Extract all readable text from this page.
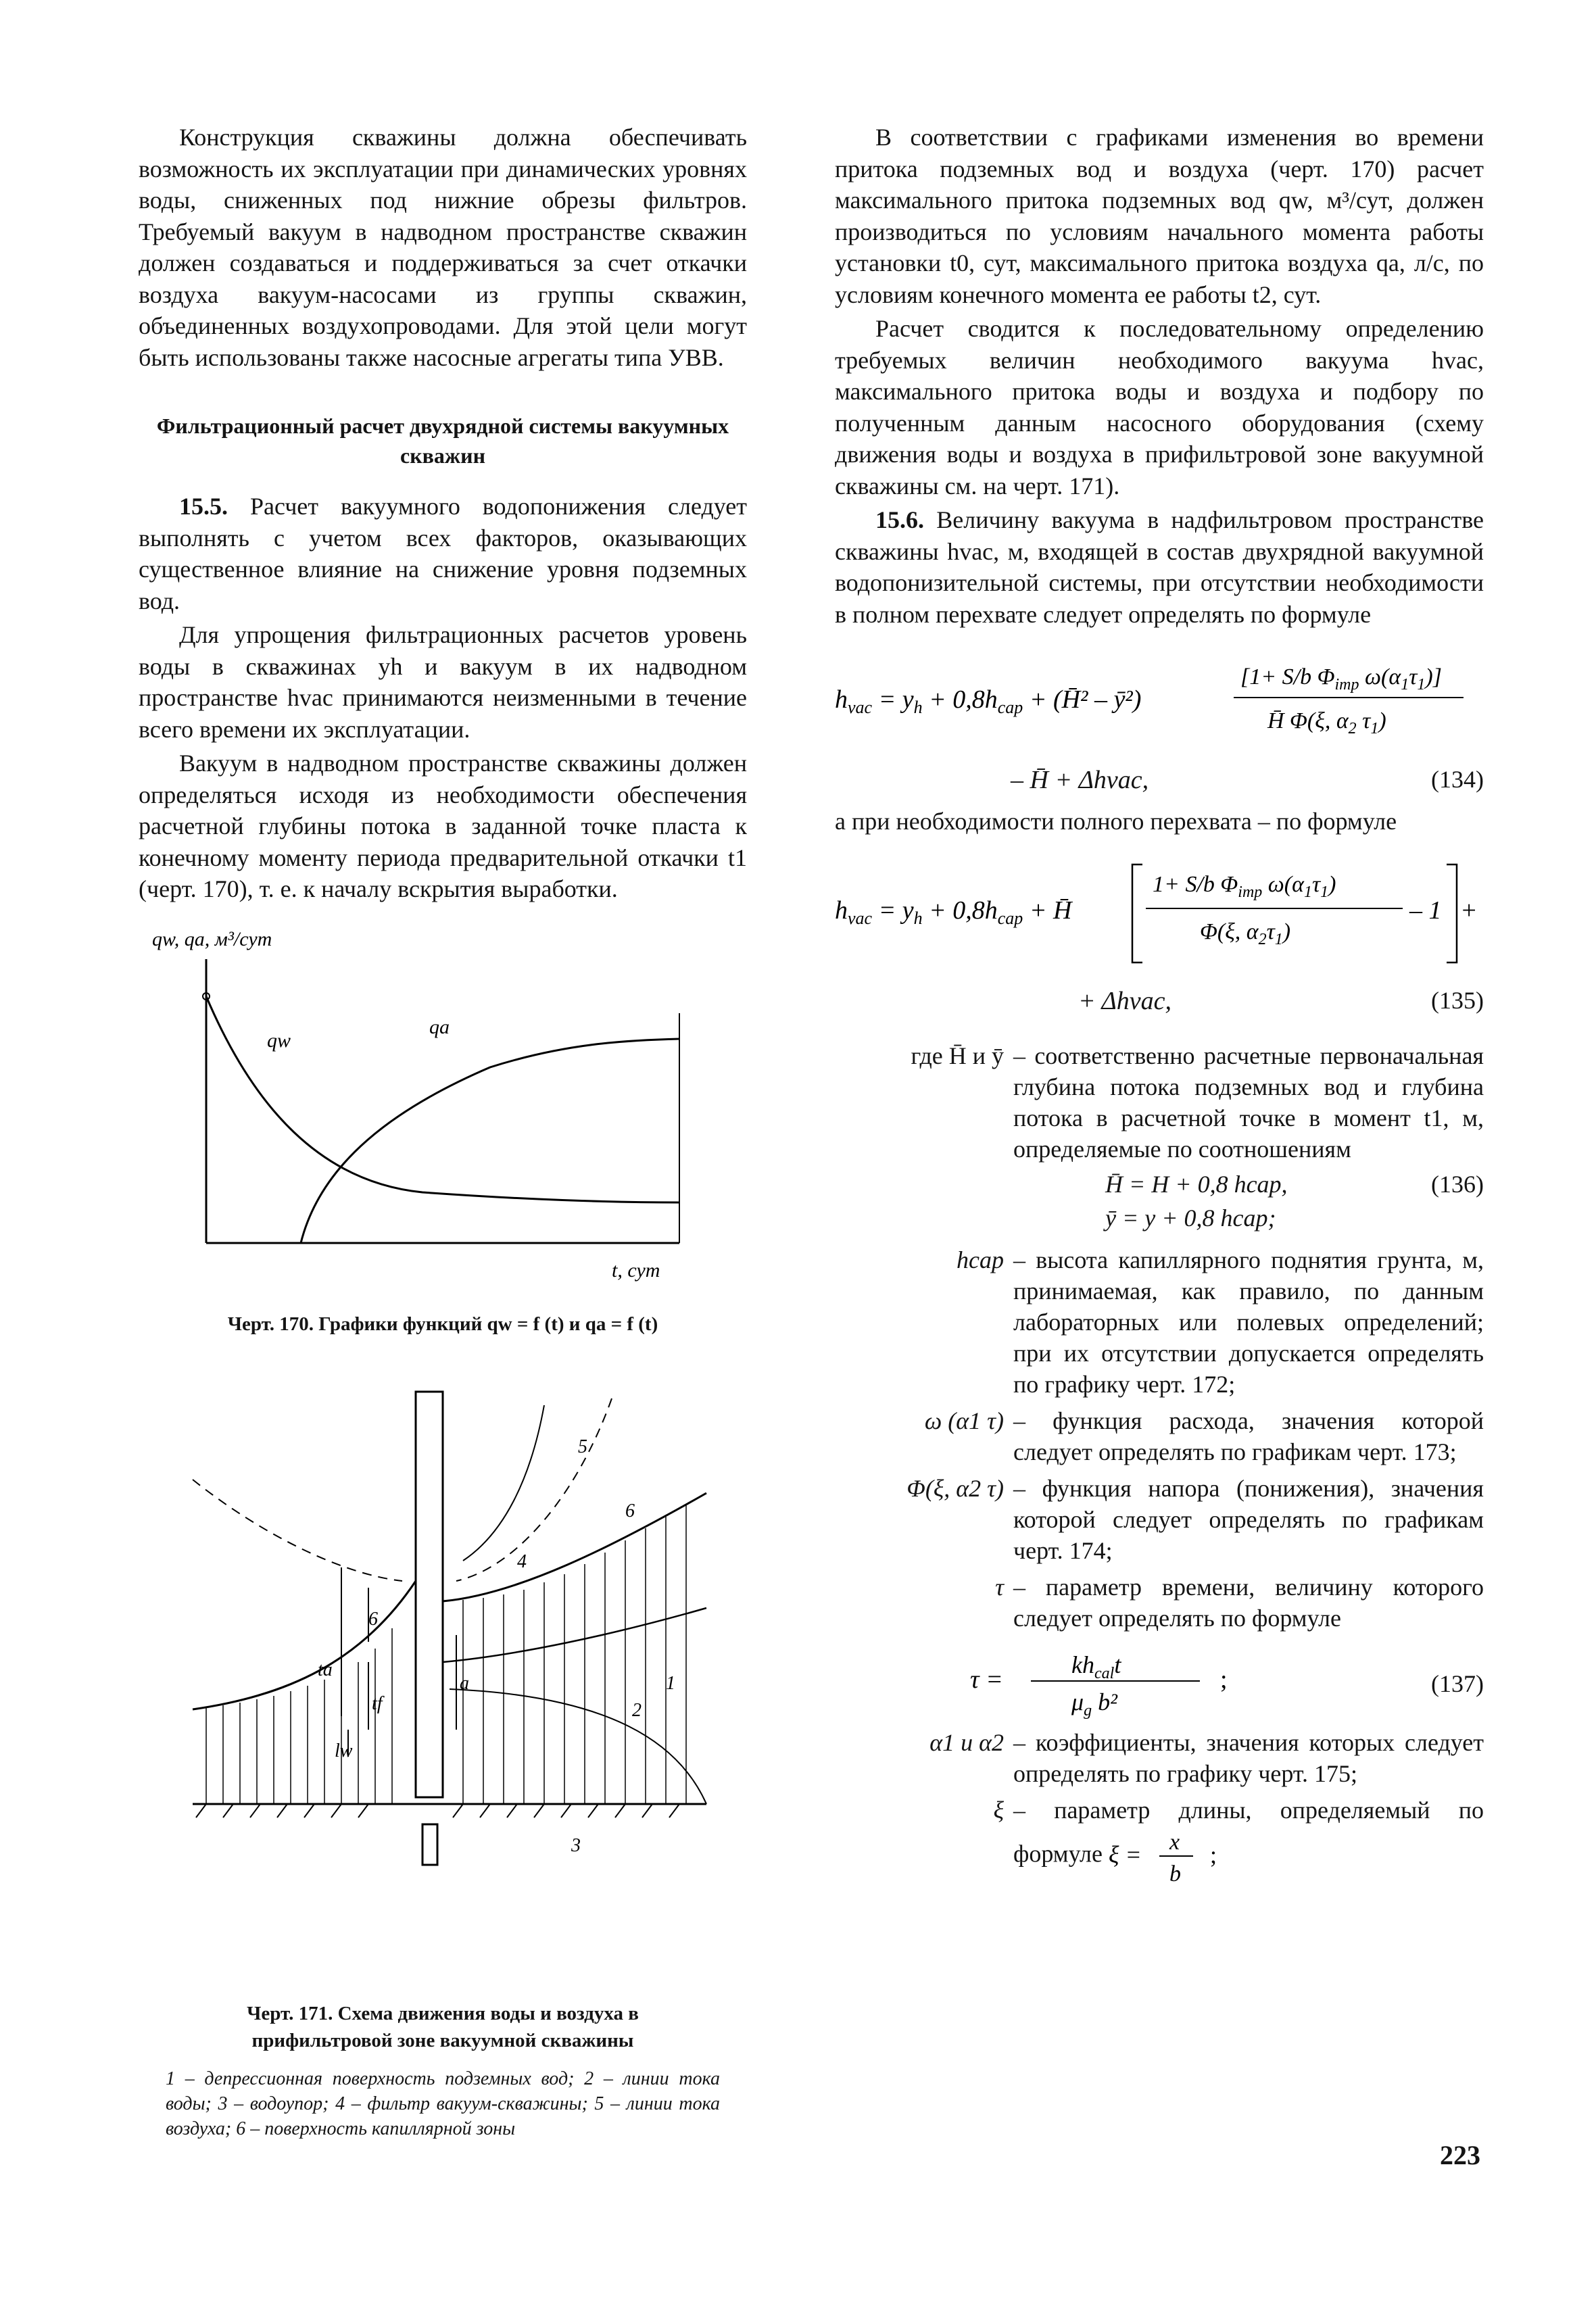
Конструкция скважины должна обеспечивать возможность их эксплуатации при динамических уровнях воды, сниженных под нижние обрезы фильтров. Требуемый вакуум в надводном пространстве скважин должен создаваться и поддерживаться за счет откачки воздуха вакуум-насосами из группы скважин, объединенных воздухопроводами. Для этой цели могут быть использованы также насосные агрегаты типа УВВ.

Фильтрационный расчет двухрядной системы вакуумных скважин

15.5. Расчет вакуумного водопонижения следует выполнять с учетом всех факторов, оказывающих существенное влияние на снижение уровня подземных вод.

Для упрощения фильтрационных расчетов уровень воды в скважинах yh и вакуум в их надводном пространстве hvac принимаются неизменными в течение всего времени их эксплуатации.

Вакуум в надводном пространстве скважины должен определяться исходя из необходимости обеспечения расчетной глубины потока в заданной точке пласта к конечному моменту периода предварительной откачки t1 (черт. 170), т. е. к началу вскрытия выработки.

qw, qa, м³/сут
qw
qa
t, сут
Черт. 170. Графики функций qw = f (t) и qa = f (t)
6
ta
tf
lw
a	1
2
3
4
5
6
Черт. 171. Схема движения воды и воздуха в
прифильтровой зоне вакуумной скважины
1 – депрессионная поверхность подземных вод; 2 – линии тока воды; 3 – водоупор; 4 – фильтр вакуум-скважины; 5 – линии тока воздуха; 6 – поверхность капиллярной зоны

В соответствии с графиками изменения во времени притока подземных вод и воздуха (черт. 170) расчет максимального притока подземных вод qw, м³/сут, должен производиться по условиям начального момента работы установки t0, сут, максимального притока воздуха qa, л/с, по условиям конечного момента ее работы t2, сут.

Расчет сводится к последовательному определению требуемых величин необходимого вакуума hvac, максимального притока воды и воздуха и подбору по полученным данным насосного оборудования (схему движения воды и воздуха в прифильтровой зоне вакуумной скважины см. на черт. 171).

15.6. Величину вакуума в надфильтровом пространстве скважины hvac, м, входящей в состав двухрядной вакуумной водопонизительной системы, при отсутствии необходимости в полном перехвате следует определять по формуле

$h_{vac} = y_h + 0,8h_{cap}$ + (H̄² – ȳ²)
[1+ S/b $\Phi_{imp}$ $\omega(\alpha_1\tau_1)$]
H̄ Φ(ξ, $\alpha_2$ $\tau_1$)
– H̄ + Δhvac,	(134)

а при необходимости полного перехвата – по формуле

$h_{vac} = y_h + 0,8h_{cap}$ + H̄
1+ S/b $\Phi_{imp}$ $\omega(\alpha_1\tau_1)$
Φ(ξ, $\alpha_2\tau_1$)
– 1 +
+ Δhvac,	(135)
где H̄ и ȳ – соответственно расчетные первоначальная глубина потока подземных вод и глубина потока в расчетной точке в момент t1, м, определяемые по соотношениям
H̄ = H + 0,8 hcap,
ȳ = y + 0,8 hcap;
(136)
hcap – высота капиллярного поднятия грунта, м, принимаемая, как правило, по данным лабораторных или полевых определений; при их отсутствии допускается определять по графику черт. 172;
ω (α1 τ) – функция расхода, значения которой следует определять по графикам черт. 173;
Φ(ξ, α2 τ) – функция напора (понижения), значения которой следует определять по графикам черт. 174;
τ – параметр времени, величину которого следует определять по формуле
τ =
$kh_{cal}t$
$\mu_g$ b²
;	(137)
α1 и α2 – коэффициенты, значения которых следует определять по графику черт. 175;
ξ – параметр длины, определяемый по формуле ξ = x
b
;
223
